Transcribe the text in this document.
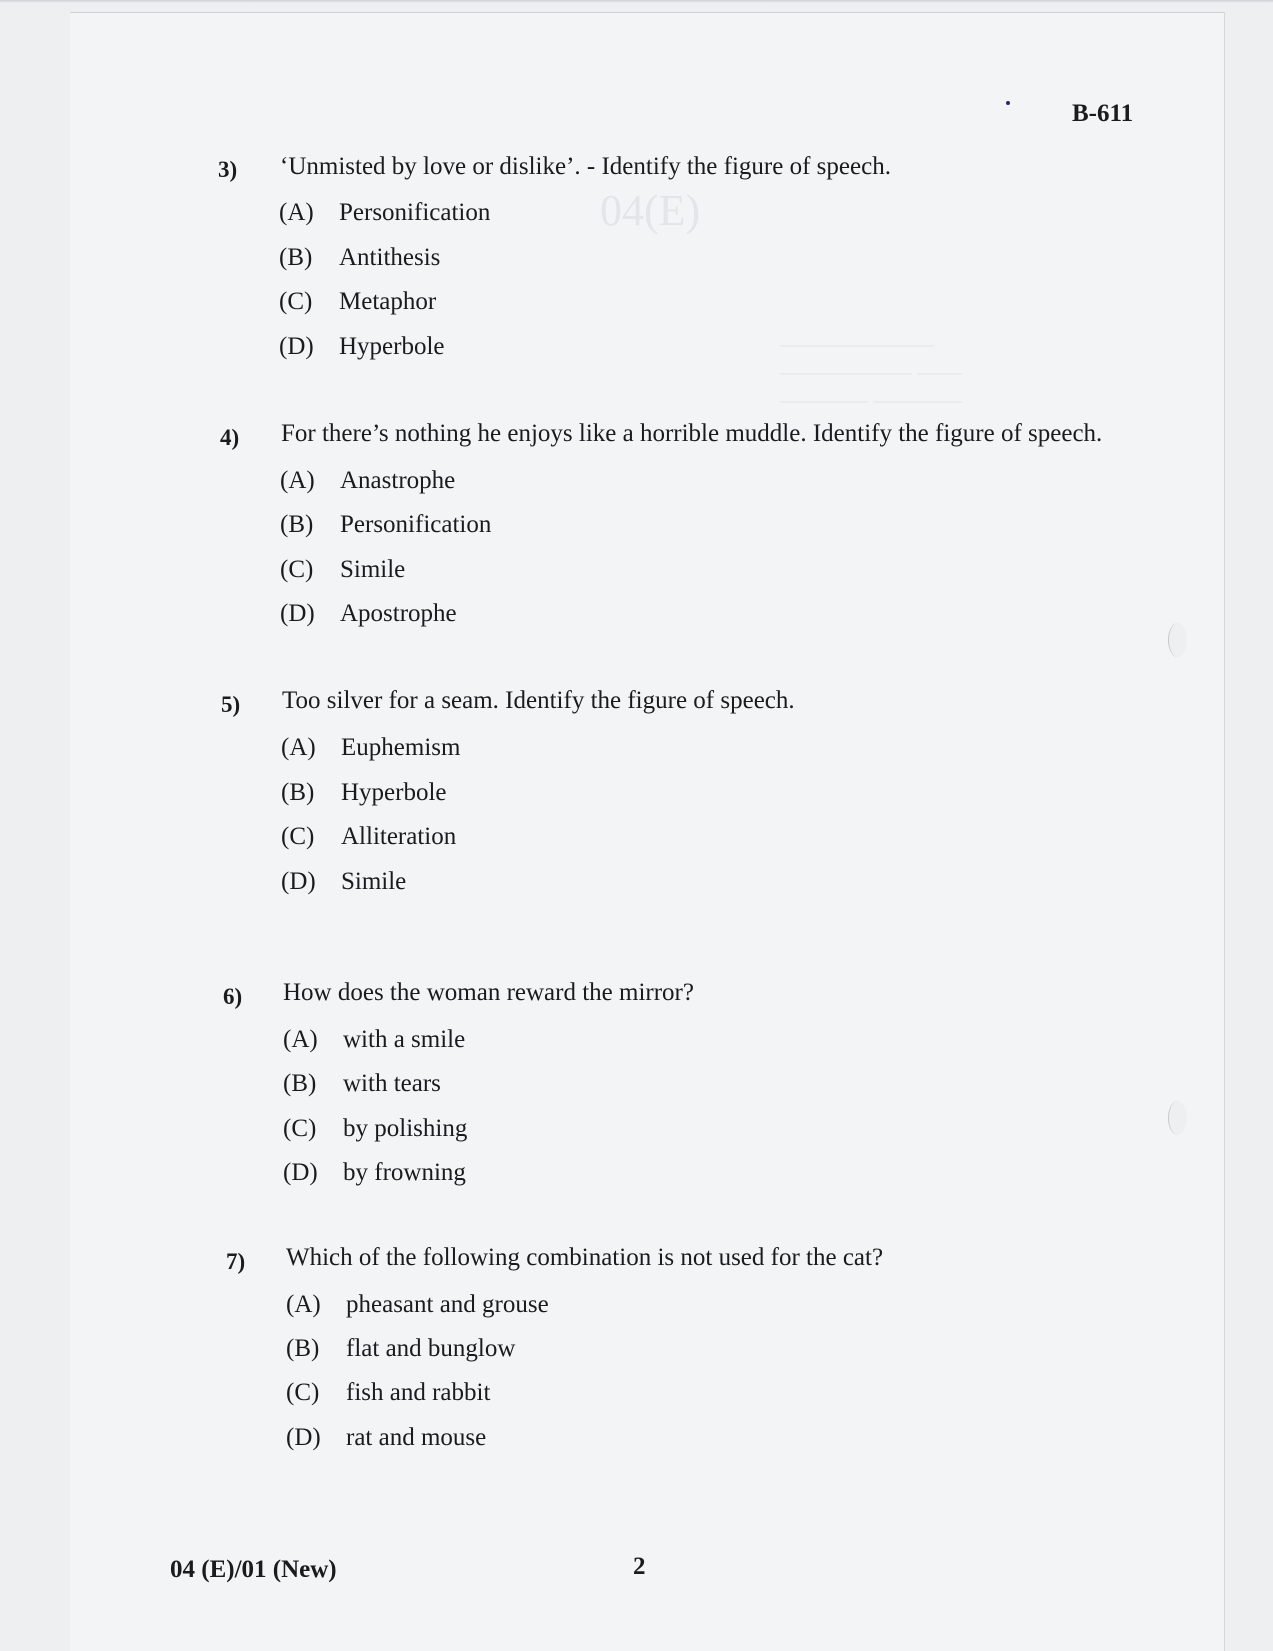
04(E)
———————
—————— ——
———— ————
B-611
3) ‘Unmisted by love or dislike’. - Identify the figure of speech.
(A) Personification
(B) Antithesis
(C) Metaphor
(D) Hyperbole
4) For there’s nothing he enjoys like a horrible muddle. Identify the figure of speech.
(A) Anastrophe
(B) Personification
(C) Simile
(D) Apostrophe
5) Too silver for a seam. Identify the figure of speech.
(A) Euphemism
(B) Hyperbole
(C) Alliteration
(D) Simile
6) How does the woman reward the mirror?
(A) with a smile
(B) with tears
(C) by polishing
(D) by frowning
7) Which of the following combination is not used for the cat?
(A) pheasant and grouse
(B) flat and bunglow
(C) fish and rabbit
(D) rat and mouse
04 (E)/01 (New)	2
